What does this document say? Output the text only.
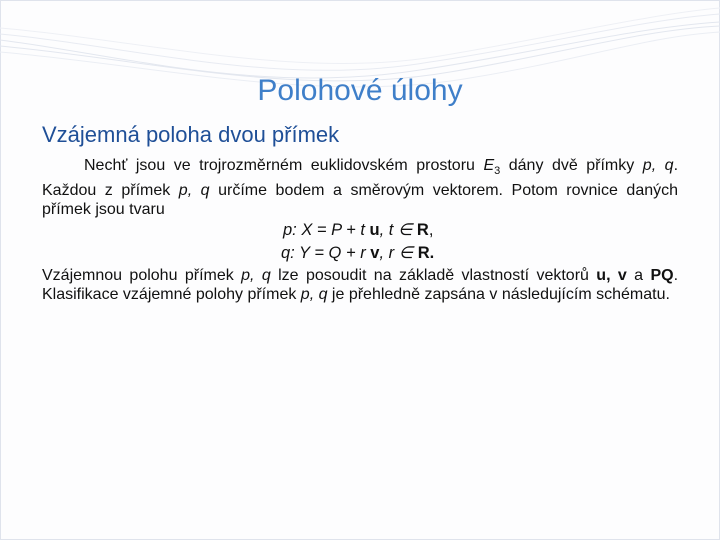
Polohové úlohy
Vzájemná poloha dvou přímek

Nechť jsou ve trojrozměrném euklidovském prostoru $E_3$ dány dvě přímky p, q. Každou z přímek p, q určíme bodem a směrovým vektorem. Potom rovnice daných přímek jsou tvaru

p: X = P + t u, t ∈ R,

q: Y = Q + r v, r ∈ R.

Vzájemnou polohu přímek p, q lze posoudit na základě vlastností vektorů u, v a PQ. Klasifikace vzájemné polohy přímek p, q je přehledně zapsána v následujícím schématu.
